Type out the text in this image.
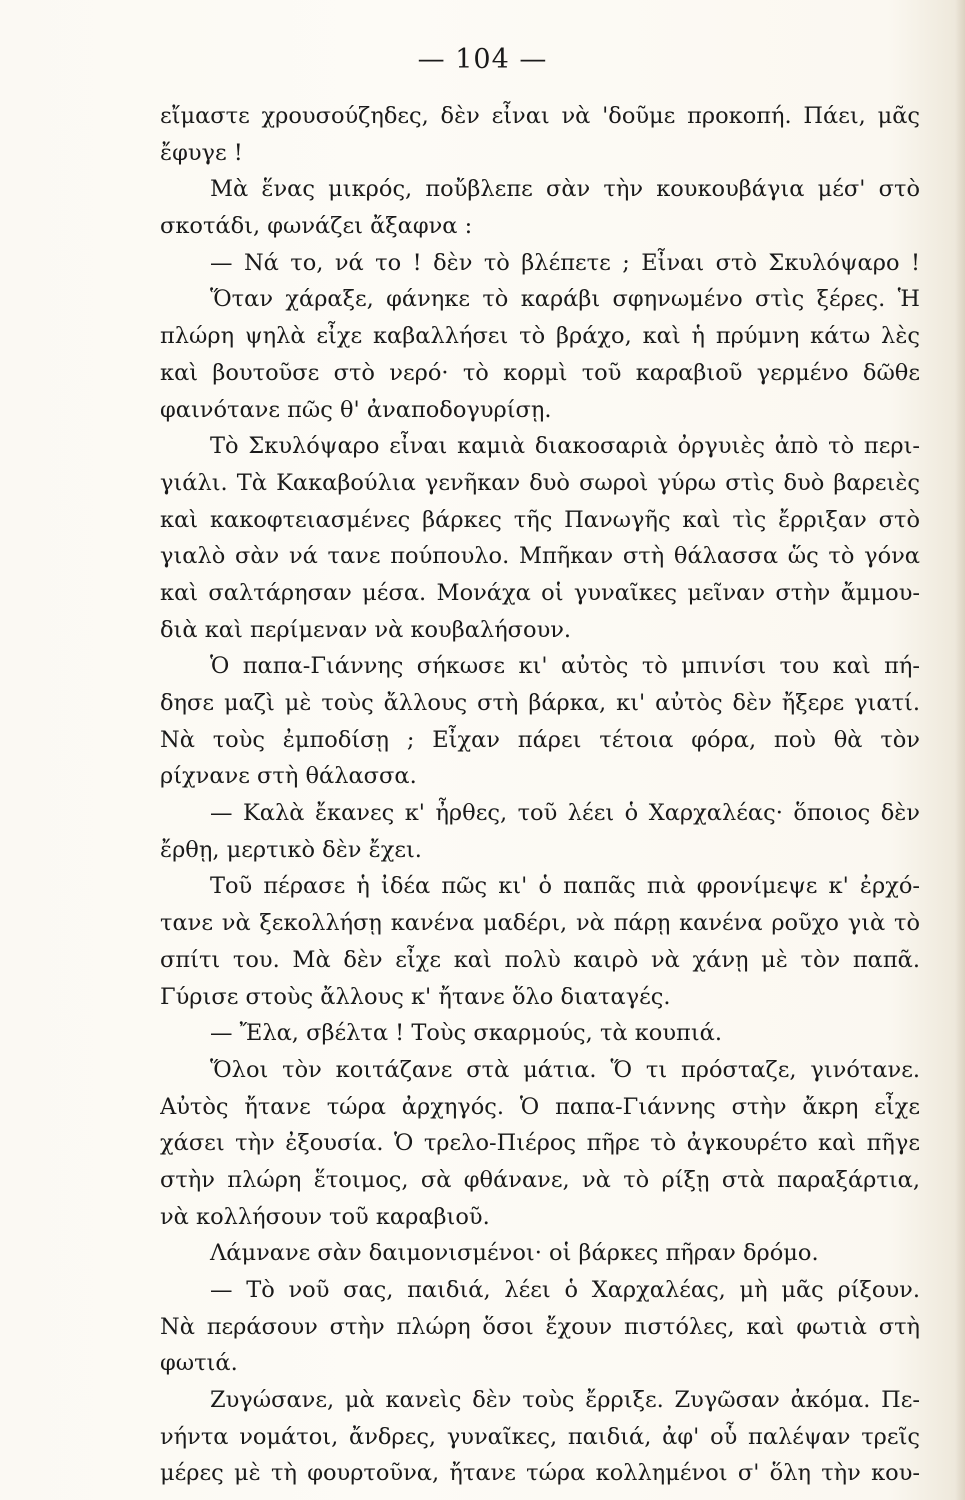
— 104 —
εἴμαστε χρουσούζηδες, δὲν εἶναι νὰ 'δοῦμε προκοπή. Πάει, μᾶς
ἔφυγε !
Μὰ ἕνας μικρός, ποὔβλεπε σὰν τὴν κουκουβάγια μέσ' στὸ
σκοτάδι, φωνάζει ἄξαφνα :
— Νά το, νά το ! δὲν τὸ βλέπετε ; Εἶναι στὸ Σκυλόψαρο !
Ὅταν χάραξε, φάνηκε τὸ καράβι σφηνωμένο στὶς ξέρες. Ἡ
πλώρη ψηλὰ εἶχε καβαλλήσει τὸ βράχο, καὶ ἡ πρύμνη κάτω λὲς
καὶ βουτοῦσε στὸ νερό· τὸ κορμὶ τοῦ καραβιοῦ γερμένο δῶθε
φαινότανε πῶς θ' ἀναποδογυρίσῃ.
Τὸ Σκυλόψαρο εἶναι καμιὰ διακοσαριὰ ὀργυιὲς ἀπὸ τὸ περι-
γιάλι. Τὰ Κακαβούλια γενῆκαν δυὸ σωροὶ γύρω στὶς δυὸ βαρειὲς
καὶ κακοφτειασμένες βάρκες τῆς Πανωγῆς καὶ τὶς ἔρριξαν στὸ
γιαλὸ σὰν νά τανε πούπουλο. Μπῆκαν στὴ θάλασσα ὥς τὸ γόνα
καὶ σαλτάρησαν μέσα. Μονάχα οἱ γυναῖκες μεῖναν στὴν ἄμμου-
διὰ καὶ περίμεναν νὰ κουβαλήσουν.
Ὁ παπα-Γιάννης σήκωσε κι' αὐτὸς τὸ μπινίσι του καὶ πή-
δησε μαζὶ μὲ τοὺς ἄλλους στὴ βάρκα, κι' αὐτὸς δὲν ἤξερε γιατί.
Νὰ τοὺς ἐμποδίσῃ ; Εἶχαν πάρει τέτοια φόρα, ποὺ θὰ τὸν
ρίχνανε στὴ θάλασσα.
— Καλὰ ἔκανες κ' ἦρθες, τοῦ λέει ὁ Χαρχαλέας· ὅποιος δὲν
ἔρθῃ, μερτικὸ δὲν ἔχει.
Τοῦ πέρασε ἡ ἰδέα πῶς κι' ὁ παπᾶς πιὰ φρονίμεψε κ' ἐρχό-
τανε νὰ ξεκολλήσῃ κανένα μαδέρι, νὰ πάρῃ κανένα ροῦχο γιὰ τὸ
σπίτι του. Μὰ δὲν εἶχε καὶ πολὺ καιρὸ νὰ χάνῃ μὲ τὸν παπᾶ.
Γύρισε στοὺς ἄλλους κ' ἤτανε ὅλο διαταγές.
— Ἔλα, σβέλτα ! Τοὺς σκαρμούς, τὰ κουπιά.
Ὅλοι τὸν κοιτάζανε στὰ μάτια. Ὅ τι πρόσταζε, γινότανε.
Αὐτὸς ἤτανε τώρα ἀρχηγός. Ὁ παπα-Γιάννης στὴν ἄκρη εἶχε
χάσει τὴν ἐξουσία. Ὁ τρελο-Πιέρος πῆρε τὸ ἀγκουρέτο καὶ πῆγε
στὴν πλώρη ἕτοιμος, σὰ φθάνανε, νὰ τὸ ρίξῃ στὰ παραξάρτια,
νὰ κολλήσουν τοῦ καραβιοῦ.
Λάμνανε σὰν δαιμονισμένοι· οἱ βάρκες πῆραν δρόμο.
— Τὸ νοῦ σας, παιδιά, λέει ὁ Χαρχαλέας, μὴ μᾶς ρίξουν.
Νὰ περάσουν στὴν πλώρη ὅσοι ἔχουν πιστόλες, καὶ φωτιὰ στὴ
φωτιά.
Ζυγώσανε, μὰ κανεὶς δὲν τοὺς ἔρριξε. Ζυγῶσαν ἀκόμα. Πε-
νήντα νομάτοι, ἄνδρες, γυναῖκες, παιδιά, ἀφ' οὗ παλέψαν τρεῖς
μέρες μὲ τὴ φουρτοῦνα, ἤτανε τώρα κολλημένοι σ' ὅλη τὴν κου-
